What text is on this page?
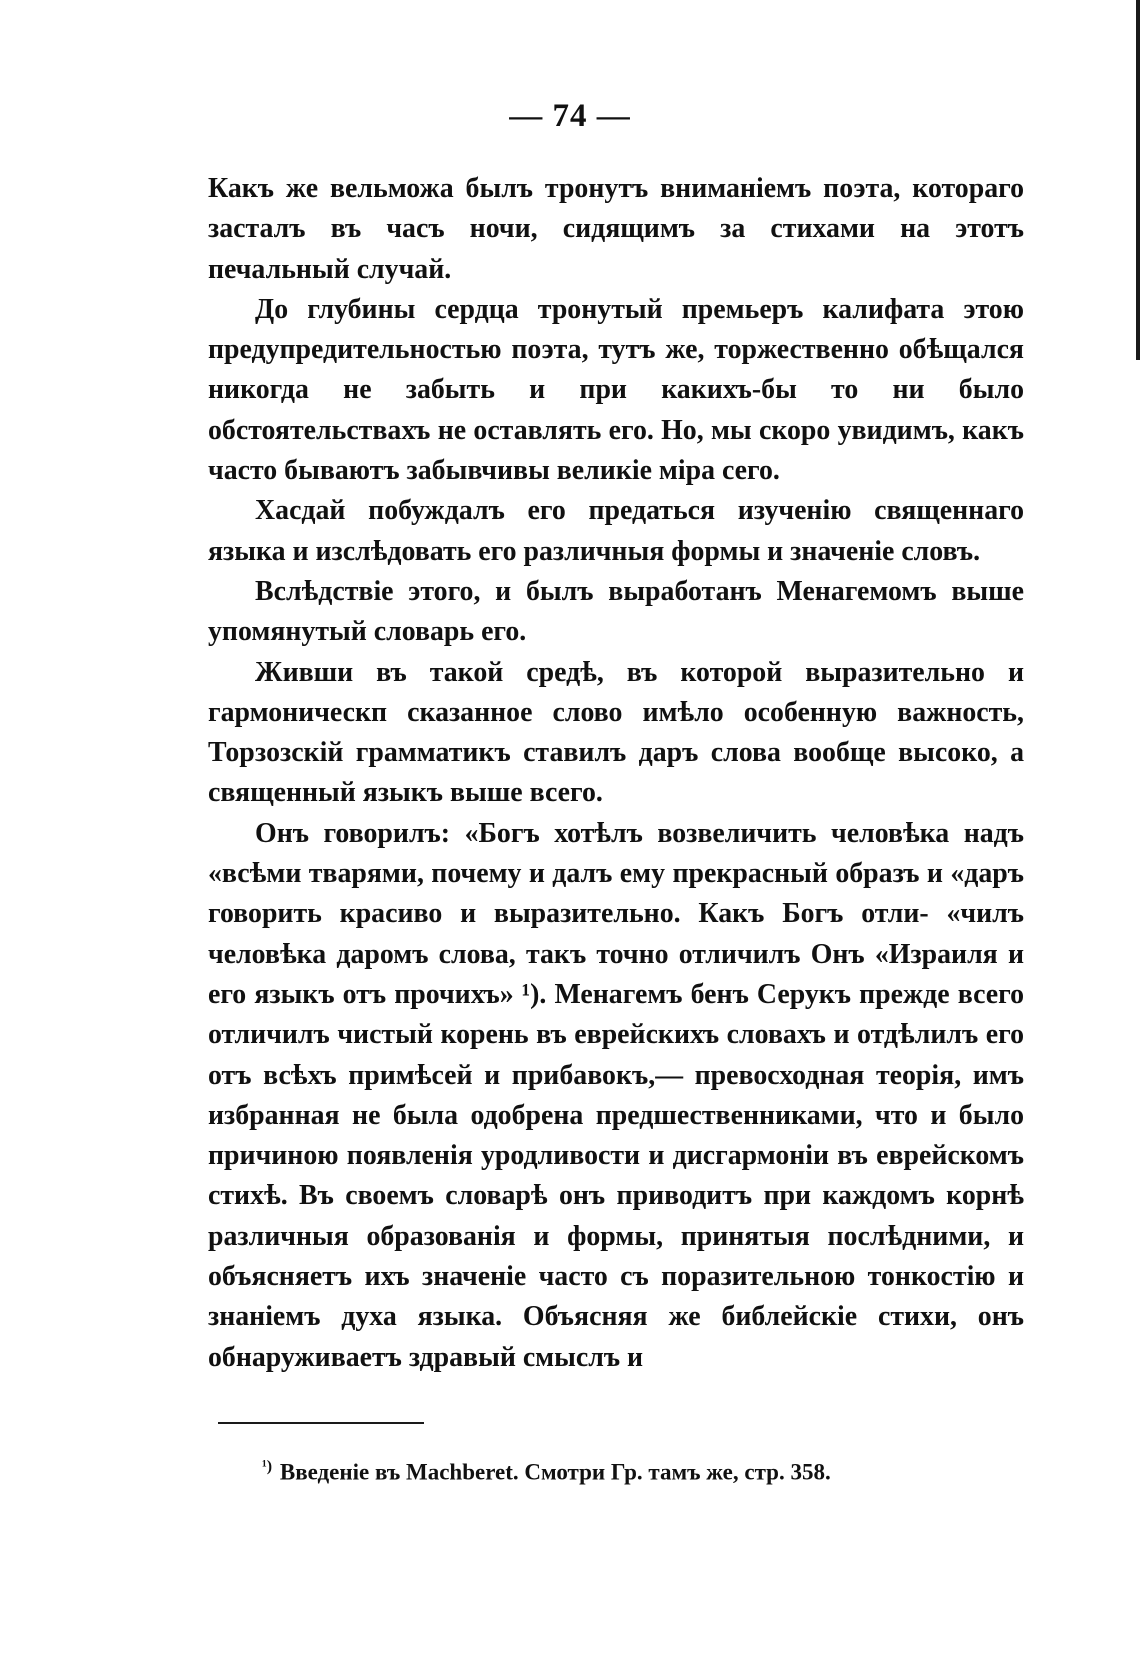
— 74 —

Какъ же вельможа былъ тронутъ вниманіемъ поэта, котораго засталъ въ часъ ночи, сидящимъ за стихами на этотъ печальный случай.

До глубины сердца тронутый премьеръ калифата этою предупредительностью поэта, тутъ же, торжественно обѣщался никогда не забыть и при какихъ-бы то ни было обстоятельствахъ не оставлять его. Но, мы скоро увидимъ, какъ часто бываютъ забывчивы великіе міра сего.

Хасдай побуждалъ его предаться изученію священнаго языка и изслѣдовать его различныя формы и значеніе словъ.

Вслѣдствіе этого, и былъ выработанъ Менагемомъ выше упомянутый словарь его.

Живши въ такой средѣ, въ которой выразительно и гармоническп сказанное слово имѣло особенную важность, Торзозскій грамматикъ ставилъ даръ слова вообще высоко, а священный языкъ выше всего.

Онъ говорилъ: «Богъ хотѣлъ возвеличить человѣка надъ «всѣми тварями, почему и далъ ему прекрасный образъ и «даръ говорить красиво и выразительно. Какъ Богъ отли- «чилъ человѣка даромъ слова, такъ точно отличилъ Онъ «Израиля и его языкъ отъ прочихъ» ¹). Менагемъ бенъ Серукъ прежде всего отличилъ чистый корень въ еврейскихъ словахъ и отдѣлилъ его отъ всѣхъ примѣсей и прибавокъ,— превосходная теорія, имъ избранная не была одобрена предшественниками, что и было причиною появленія уродливости и дисгармоніи въ еврейскомъ стихѣ. Въ своемъ словарѣ онъ приводитъ при каждомъ корнѣ различныя образованія и формы, принятыя послѣдними, и объясняетъ ихъ значеніе часто съ поразительною тонкостію и знаніемъ духа языка. Объясняя же библейскіе стихи, онъ обнаруживаетъ здравый смыслъ и

$^{^1)}$ Введеніе въ Machberet. Смотри Гр. тамъ же, стр. 358.
